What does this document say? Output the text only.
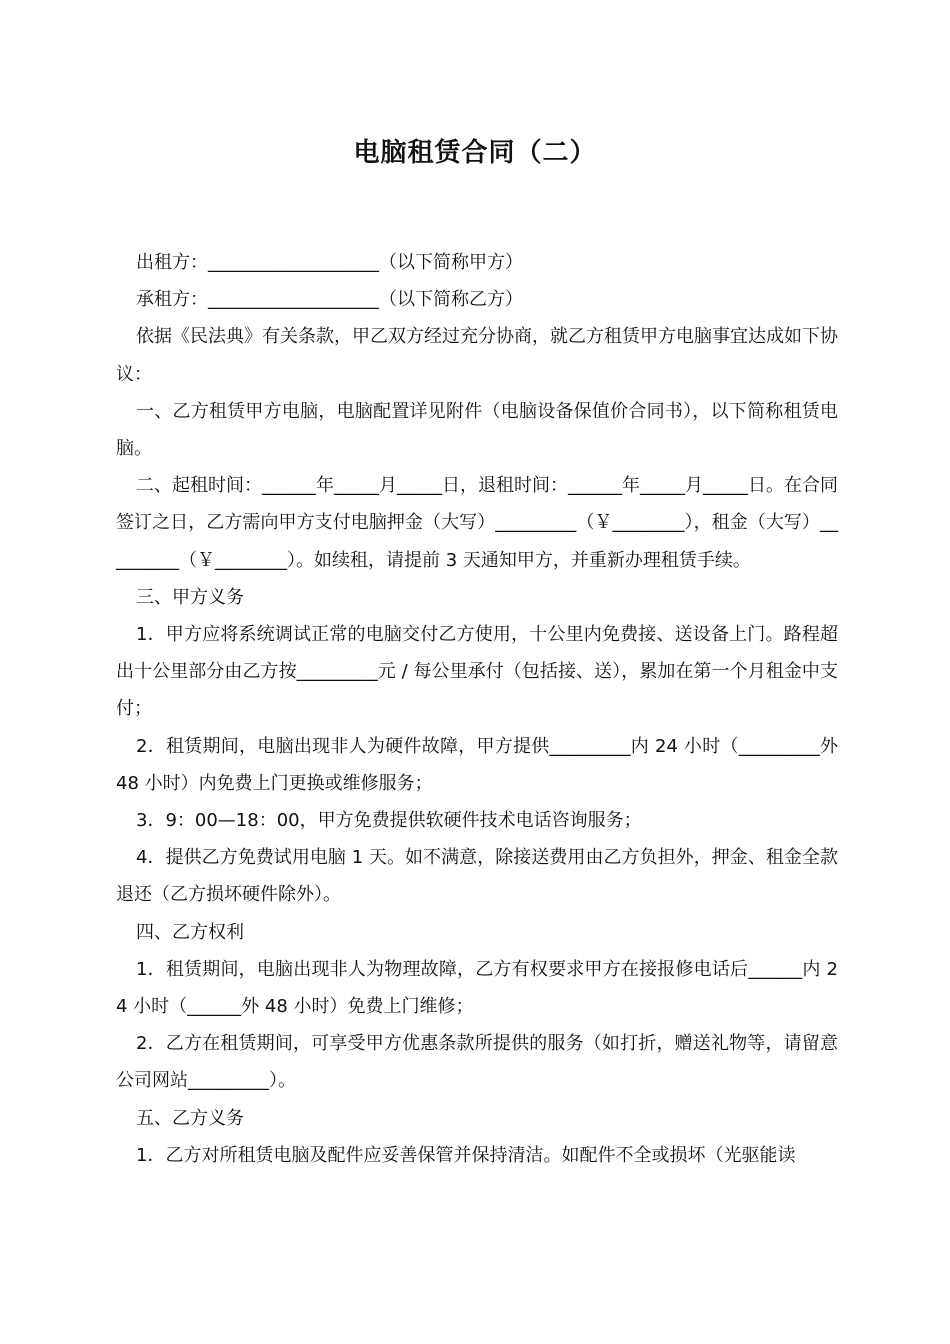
电脑租赁合同（二）

出租方：___________________（以下简称甲方）

承租方：___________________（以下简称乙方）

依据《民法典》有关条款，甲乙双方经过充分协商，就乙方租赁甲方电脑事宜达成如下协议：

一、乙方租赁甲方电脑，电脑配置详见附件（电脑设备保值价合同书），以下简称租赁电脑。

二、起租时间：______年_____月_____日，退租时间：______年_____月_____日。在合同签订之日，乙方需向甲方支付电脑押金（大写）_________（￥________），租金（大写）_________（￥________）。如续租，请提前 3 天通知甲方，并重新办理租赁手续。

三、甲方义务

1．甲方应将系统调试正常的电脑交付乙方使用，十公里内免费接、送设备上门。路程超出十公里部分由乙方按_________元 / 每公里承付（包括接、送），累加在第一个月租金中支付；

2．租赁期间，电脑出现非人为硬件故障，甲方提供_________内 24 小时（_________外 48 小时）内免费上门更换或维修服务；

3．9：00—18：00，甲方免费提供软硬件技术电话咨询服务；

4．提供乙方免费试用电脑 1 天。如不满意，除接送费用由乙方负担外，押金、租金全款退还（乙方损坏硬件除外）。

四、乙方权利

1．租赁期间，电脑出现非人为物理故障，乙方有权要求甲方在接报修电话后______内 24 小时（______外 48 小时）免费上门维修；

2．乙方在租赁期间，可享受甲方优惠条款所提供的服务（如打折，赠送礼物等，请留意公司网站_________）。

五、乙方义务

1．乙方对所租赁电脑及配件应妥善保管并保持清洁。如配件不全或损坏（光驱能读
